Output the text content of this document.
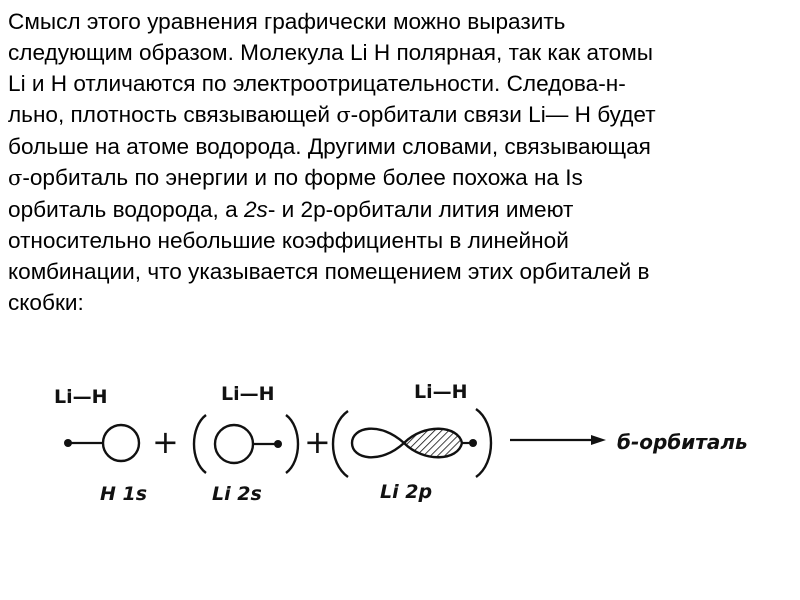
Смысл этого уравнения графически можно выразить
следующим образом. Молекула Li H полярная, так как атомы
Li и H отличаются по электроотрицательности. Следова-н-
льно, плотность связывающей σ-орбитали связи Li— H будет
больше на атоме водорода. Другими словами, связывающая
σ-орбиталь по энергии и по форме более похожа на Is
орбиталь водорода, а 2s- и 2p-орбитали лития имеют
относительно небольшие коэффициенты в линейной
комбинации, что указывается помещением этих орбиталей в
скобки:
Li—H
H 1s
+
Li—H
Li 2s
+
Li—H
Li 2p
б-орбиталь
